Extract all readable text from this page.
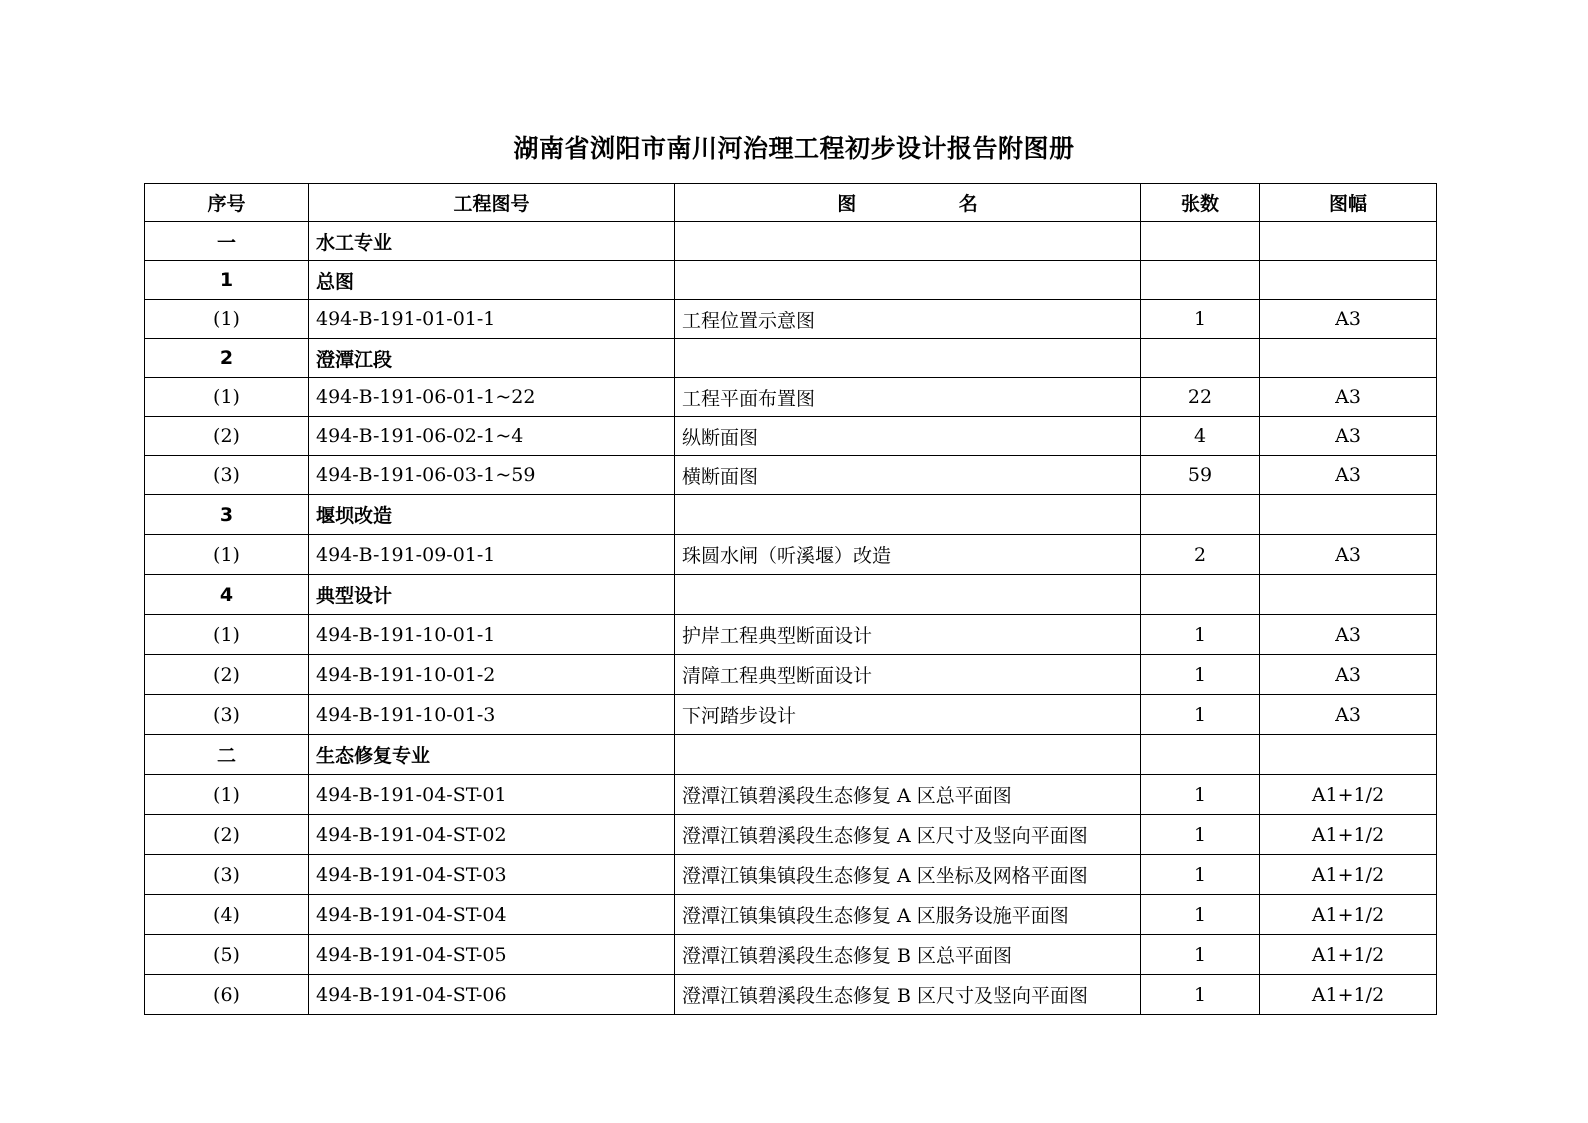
湖南省浏阳市南川河治理工程初步设计报告附图册
序号	工程图号	图 名	张数	图幅
一	水工专业			
1	总图			
(1)	494-B-191-01-01-1	工程位置示意图	1	A3
2	澄潭江段			
(1)	494-B-191-06-01-1~22	工程平面布置图	22	A3
(2)	494-B-191-06-02-1~4	纵断面图	4	A3
(3)	494-B-191-06-03-1~59	横断面图	59	A3
3	堰坝改造			
(1)	494-B-191-09-01-1	珠圆水闸（听溪堰）改造	2	A3
4	典型设计			
(1)	494-B-191-10-01-1	护岸工程典型断面设计	1	A3
(2)	494-B-191-10-01-2	清障工程典型断面设计	1	A3
(3)	494-B-191-10-01-3	下河踏步设计	1	A3
二	生态修复专业			
(1)	494-B-191-04-ST-01	澄潭江镇碧溪段生态修复 A 区总平面图	1	A1+1/2
(2)	494-B-191-04-ST-02	澄潭江镇碧溪段生态修复 A 区尺寸及竖向平面图	1	A1+1/2
(3)	494-B-191-04-ST-03	澄潭江镇集镇段生态修复 A 区坐标及网格平面图	1	A1+1/2
(4)	494-B-191-04-ST-04	澄潭江镇集镇段生态修复 A 区服务设施平面图	1	A1+1/2
(5)	494-B-191-04-ST-05	澄潭江镇碧溪段生态修复 B 区总平面图	1	A1+1/2
(6)	494-B-191-04-ST-06	澄潭江镇碧溪段生态修复 B 区尺寸及竖向平面图	1	A1+1/2
